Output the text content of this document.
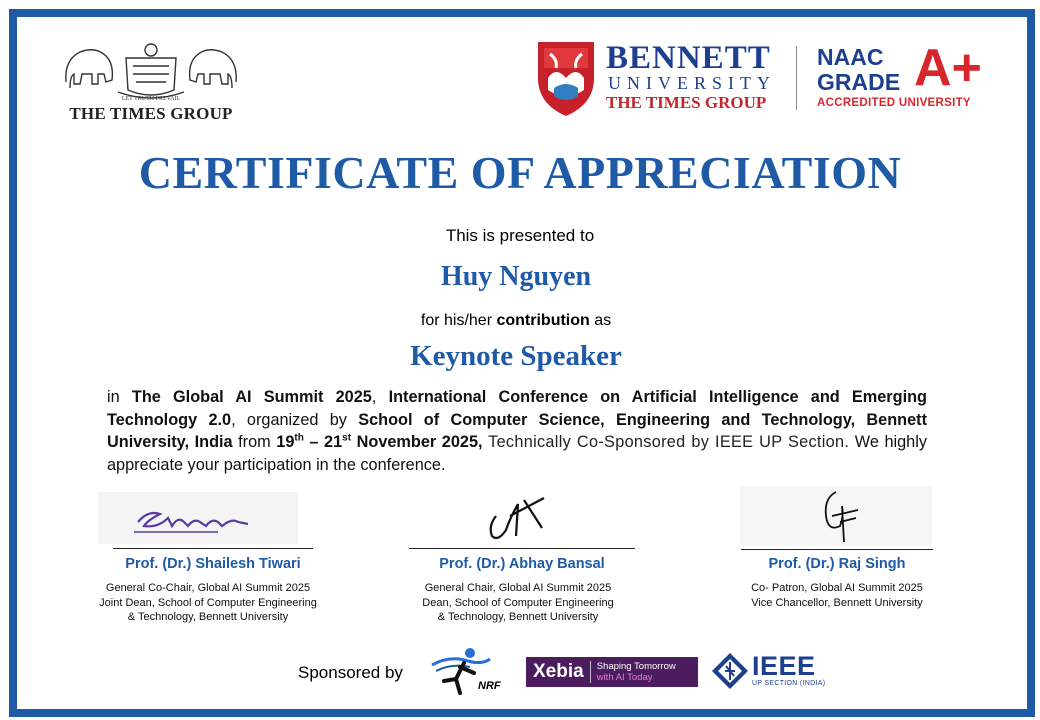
LET TRUTH PREVAIL
THE TIMES GROUP
BENNETT
UNIVERSITY
THE TIMES GROUP
NAAC
GRADE A+
ACCREDITED UNIVERSITY
CERTIFICATE OF APPRECIATION
This is presented to
Huy Nguyen
for his/her contribution as
Keynote Speaker

in The Global AI Summit 2025, International Conference on Artificial Intelligence and Emerging Technology 2.0, organized by School of Computer Science, Engineering and Technology, Bennett University, India from 19th – 21st November 2025, Technically Co-Sponsored by IEEE UP Section. We highly appreciate your participation in the conference.

Prof. (Dr.) Shailesh Tiwari
General Co-Chair, Global AI Summit 2025
Joint Dean, School of Computer Engineering
& Technology, Bennett University
Prof. (Dr.) Abhay Bansal
General Chair, Global AI Summit 2025
Dean, School of Computer Engineering
& Technology, Bennett University
Prof. (Dr.) Raj Singh
Co- Patron, Global AI Summit 2025
Vice Chancellor, Bennett University
Sponsored by
NRF
Xebia Shaping Tomorrow
with AI Today	IEEE
UP SECTION (INDIA)
